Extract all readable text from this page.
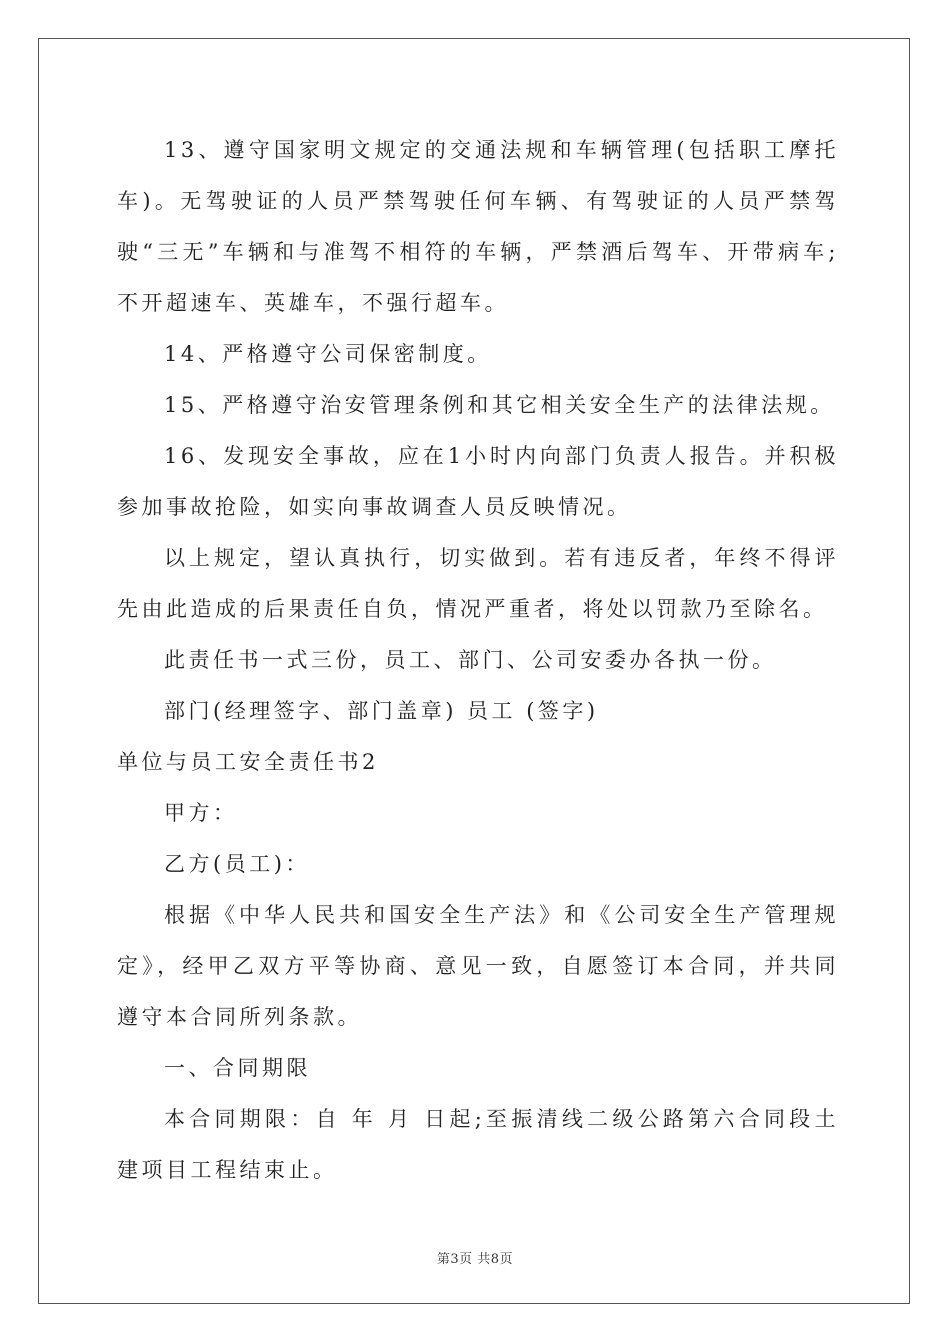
13、遵守国家明文规定的交通法规和车辆管理(包括职工摩托车)。无驾驶证的人员严禁驾驶任何车辆、有驾驶证的人员严禁驾驶“三无”车辆和与准驾不相符的车辆，严禁酒后驾车、开带病车;不开超速车、英雄车，不强行超车。

14、严格遵守公司保密制度。

15、严格遵守治安管理条例和其它相关安全生产的法律法规。

16、发现安全事故，应在1小时内向部门负责人报告。并积极参加事故抢险，如实向事故调查人员反映情况。

以上规定，望认真执行，切实做到。若有违反者，年终不得评先由此造成的后果责任自负，情况严重者，将处以罚款乃至除名。

此责任书一式三份，员工、部门、公司安委办各执一份。

部门(经理签字、部门盖章) 员工 (签字)

单位与员工安全责任书2

甲方：

乙方(员工)：

根据《中华人民共和国安全生产法》和《公司安全生产管理规定》，经甲乙双方平等协商、意见一致，自愿签订本合同，并共同遵守本合同所列条款。

一、合同期限

本合同期限：自 年 月 日起;至振清线二级公路第六合同段土建项目工程结束止。

第3页 共8页
